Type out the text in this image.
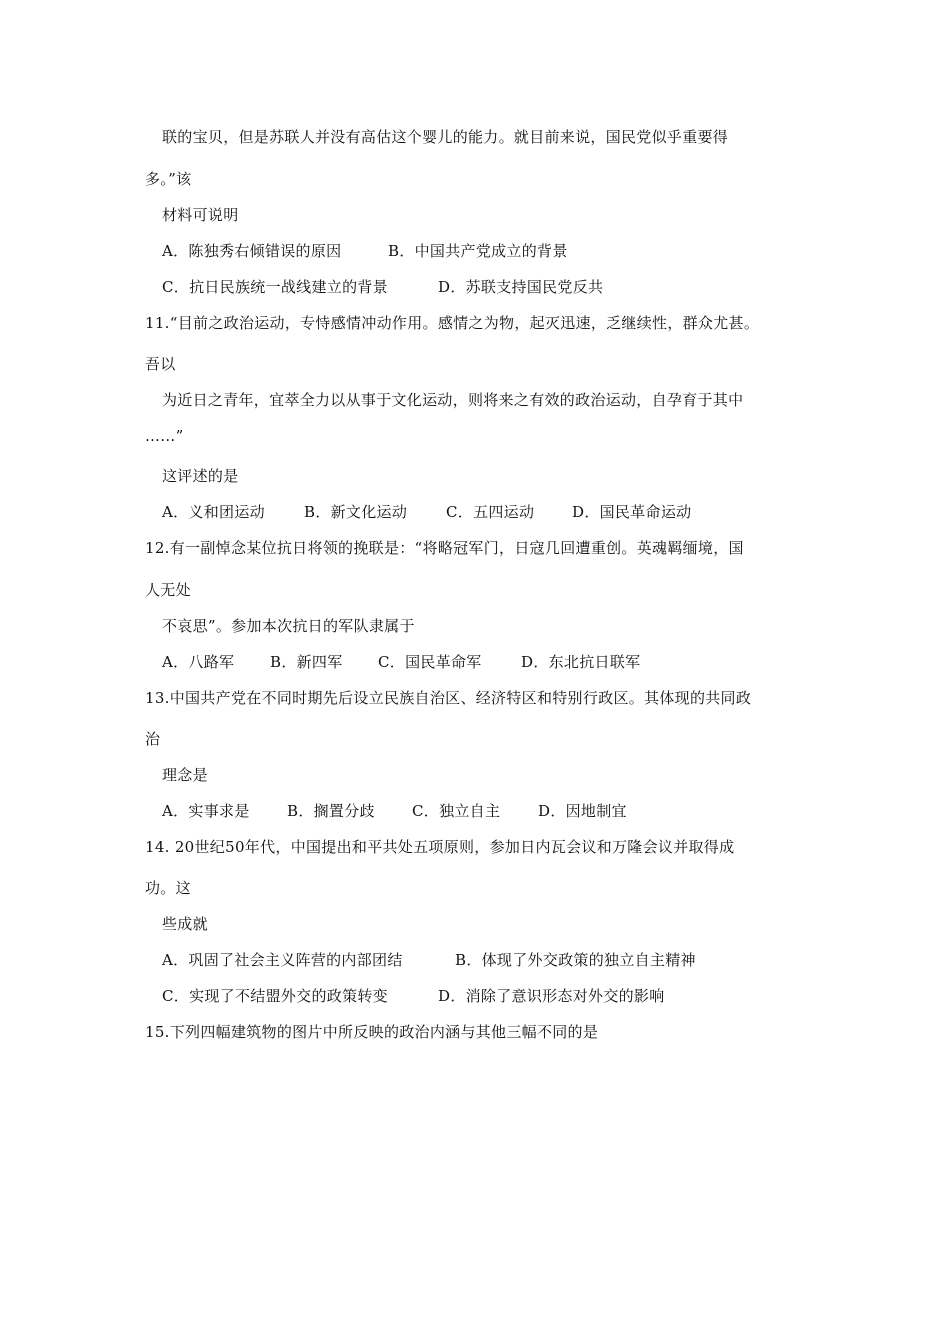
联的宝贝，但是苏联人并没有高估这个婴儿的能力。就目前来说，国民党似乎重要得
多。”该
材料可说明
A．陈独秀右倾错误的原因	B．中国共产党成立的背景
C．抗日民族统一战线建立的背景	D．苏联支持国民党反共
11.“目前之政治运动，专恃感情冲动作用。感情之为物，起灭迅速，乏继续性，群众尤甚。
吾以
为近日之青年，宜萃全力以从事于文化运动，则将来之有效的政治运动，自孕育于其中
……”
这评述的是
A．义和团运动	B．新文化运动	C．五四运动	D．国民革命运动
12.有一副悼念某位抗日将领的挽联是：“将略冠军门，日寇几回遭重创。英魂羁缅境，国
人无处
不哀思”。参加本次抗日的军队隶属于
A．八路军 B．新四军 C．国民革命军	D．东北抗日联军
13.中国共产党在不同时期先后设立民族自治区、经济特区和特别行政区。其体现的共同政
治
理念是
A．实事求是 B．搁置分歧 C．独立自主	D．因地制宜
14. 20世纪50年代，中国提出和平共处五项原则，参加日内瓦会议和万隆会议并取得成
功。这
些成就
A．巩固了社会主义阵营的内部团结	B．体现了外交政策的独立自主精神
C．实现了不结盟外交的政策转变	D．消除了意识形态对外交的影响
15.下列四幅建筑物的图片中所反映的政治内涵与其他三幅不同的是
